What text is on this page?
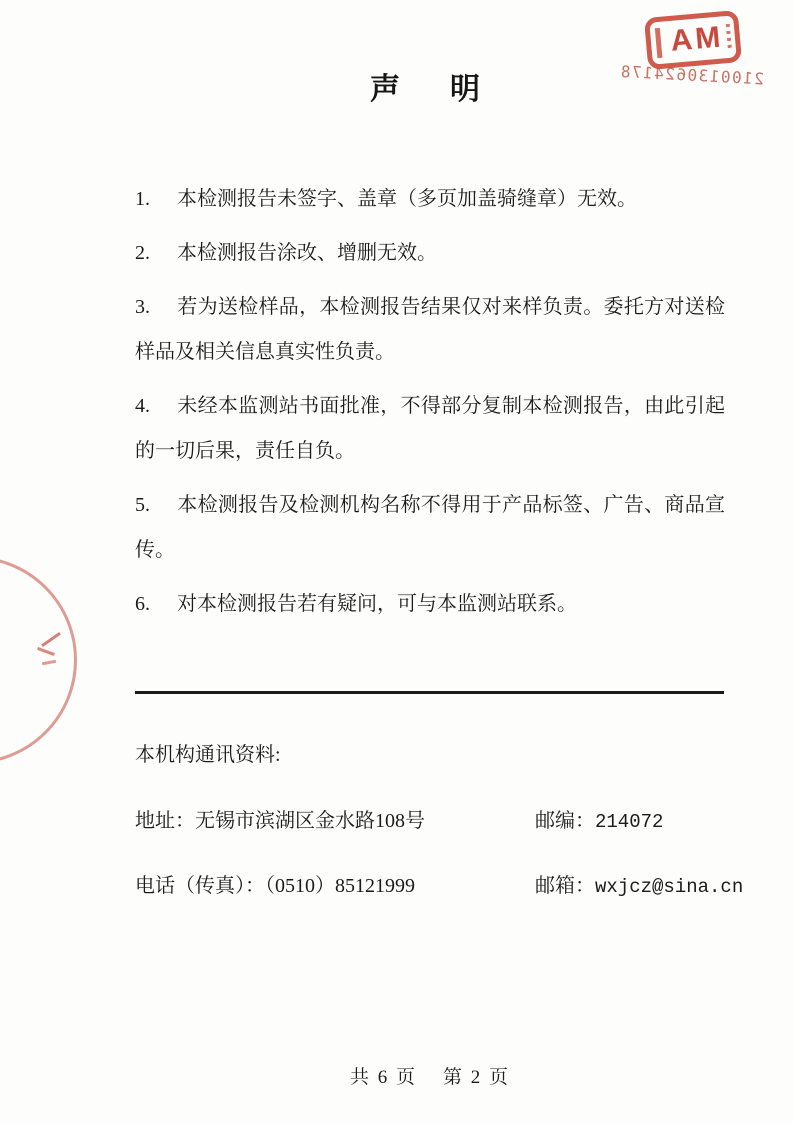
声　明
AM
2100130624178
1. 本检测报告未签字、盖章（多页加盖骑缝章）无效。
2. 本检测报告涂改、增删无效。
3. 若为送检样品，本检测报告结果仅对来样负责。委托方对送检样品及相关信息真实性负责。
4. 未经本监测站书面批准，不得部分复制本检测报告，由此引起的一切后果，责任自负。
5. 本检测报告及检测机构名称不得用于产品标签、广告、商品宣传。
6. 对本检测报告若有疑问，可与本监测站联系。
本机构通讯资料:
地址：无锡市滨湖区金水路108号	邮编：214072
电话（传真）：（0510）85121999	邮箱：wxjcz@sina.cn
共 6 页 第 2 页
